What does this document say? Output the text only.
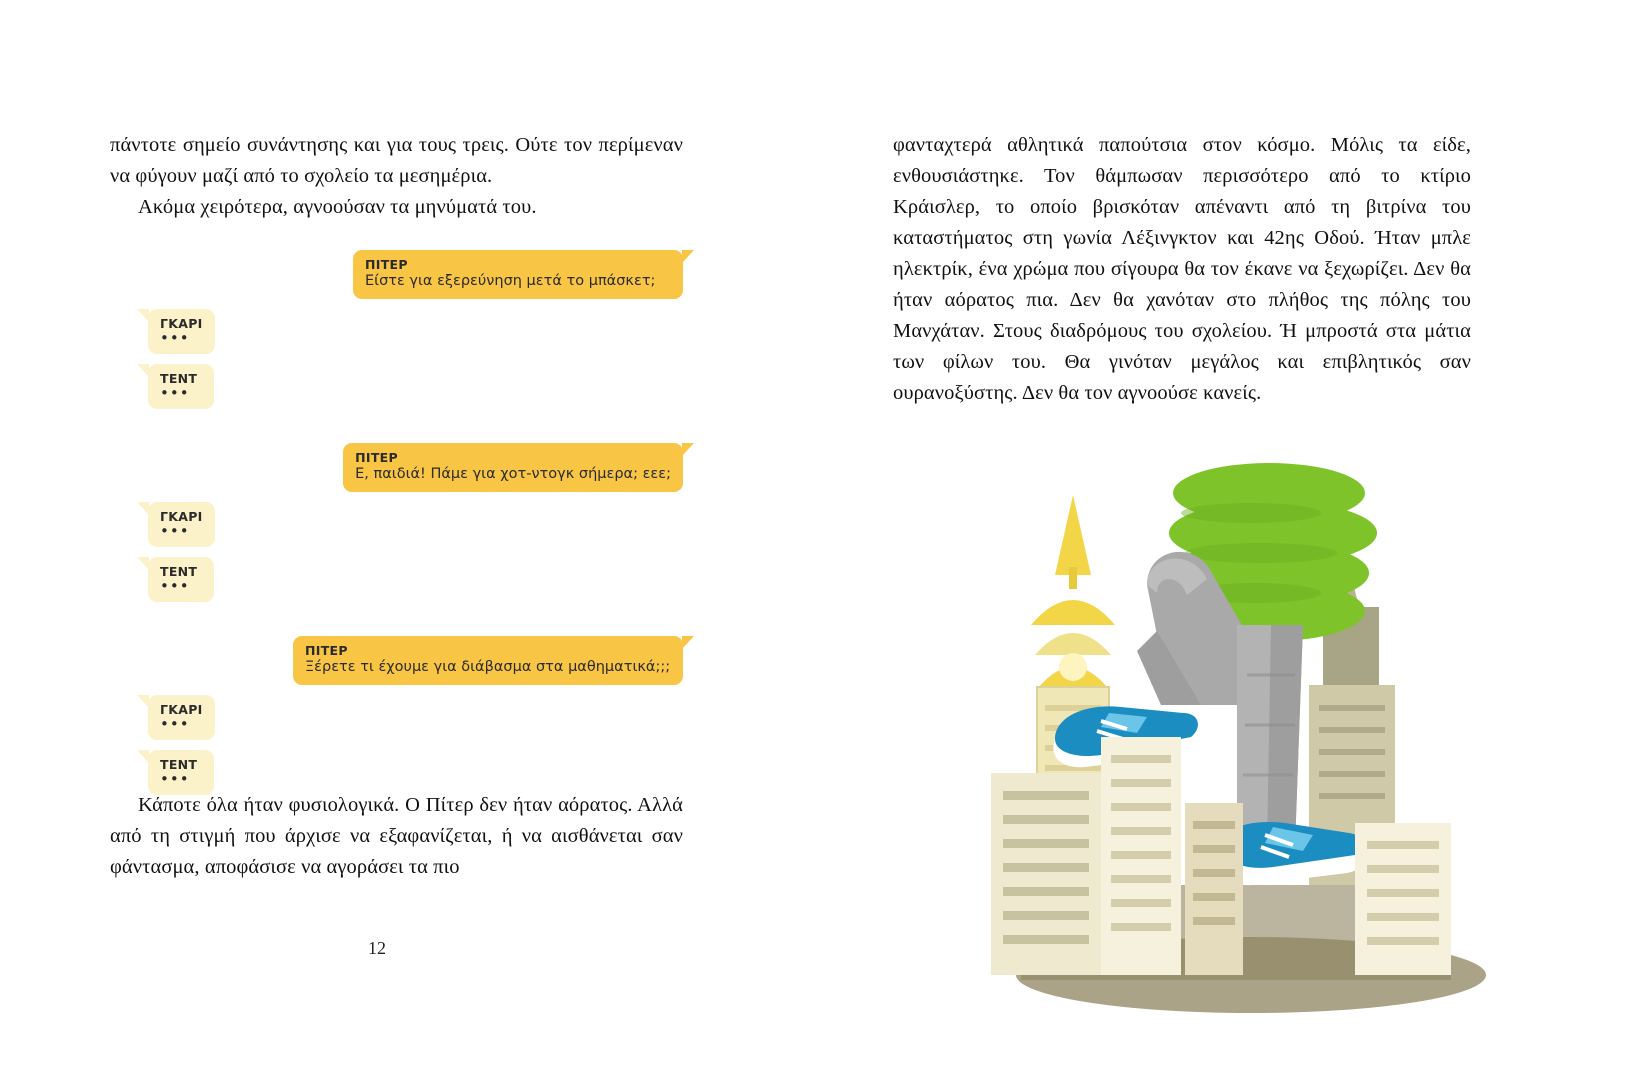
πάντοτε σημείο συνάντησης και για τους τρεις. Ούτε τον περίμεναν να φύγουν μαζί από το σχολείο τα μεσημέρια.

Ακόμα χειρότερα, αγνοούσαν τα μηνύματά του.

ΠΙΤΕΡ
Είστε για εξερεύνηση μετά το μπάσκετ;
ΓΚΑΡΙ
•••
ΤΕΝΤ
•••
ΠΙΤΕΡ
Ε, παιδιά! Πάμε για χοτ-ντογκ σήμερα; εεε;
ΓΚΑΡΙ
•••
ΤΕΝΤ
•••
ΠΙΤΕΡ
Ξέρετε τι έχουμε για διάβασμα στα μαθηματικά;;;
ΓΚΑΡΙ
•••
ΤΕΝΤ
•••

Κάποτε όλα ήταν φυσιολογικά. Ο Πίτερ δεν ήταν αόρατος. Αλλά από τη στιγμή που άρχισε να εξαφανίζεται, ή να αισθάνεται σαν φάντασμα, αποφάσισε να αγοράσει τα πιο

12

φανταχτερά αθλητικά παπούτσια στον κόσμο. Μόλις τα είδε, ενθουσιάστηκε. Τον θάμπωσαν περισσότερο από το κτίριο Κράισλερ, το οποίο βρισκόταν απέναντι από τη βιτρίνα του καταστήματος στη γωνία Λέξινγκτον και 42ης Οδού. Ήταν μπλε ηλεκτρίκ, ένα χρώμα που σίγουρα θα τον έκανε να ξεχωρίζει. Δεν θα ήταν αόρατος πια. Δεν θα χανόταν στο πλήθος της πόλης του Μανχάταν. Στους διαδρόμους του σχολείου. Ή μπροστά στα μάτια των φίλων του. Θα γινόταν μεγάλος και επιβλητικός σαν ουρανοξύστης. Δεν θα τον αγνοούσε κανείς.
